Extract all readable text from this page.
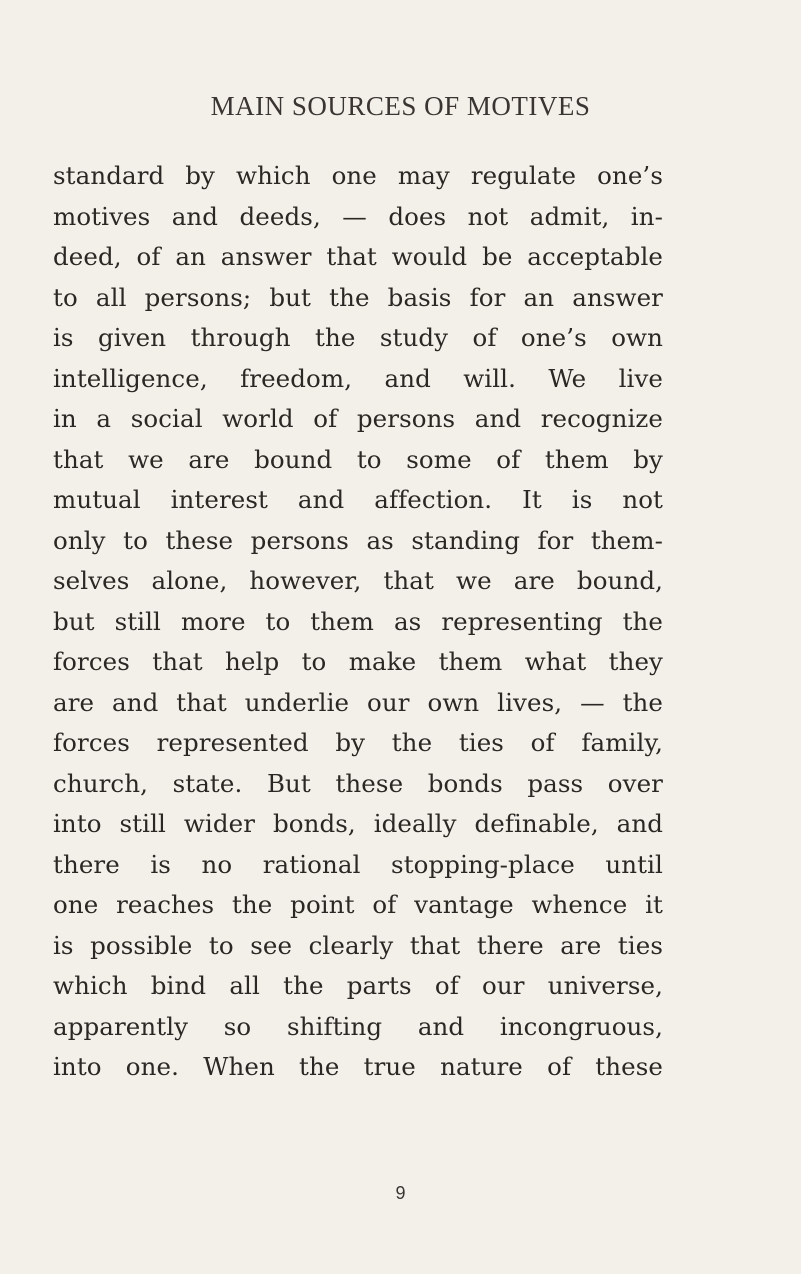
MAIN SOURCES OF MOTIVES
standard by which one may regulate one’s
motives and deeds, — does not admit, in-
deed, of an answer that would be acceptable
to all persons; but the basis for an answer
is given through the study of one’s own
intelligence, freedom, and will. We live
in a social world of persons and recognize
that we are bound to some of them by
mutual interest and affection. It is not
only to these persons as standing for them-
selves alone, however, that we are bound,
but still more to them as representing the
forces that help to make them what they
are and that underlie our own lives, — the
forces represented by the ties of family,
church, state. But these bonds pass over
into still wider bonds, ideally definable, and
there is no rational stopping-place until
one reaches the point of vantage whence it
is possible to see clearly that there are ties
which bind all the parts of our universe,
apparently so shifting and incongruous,
into one. When the true nature of these
9
